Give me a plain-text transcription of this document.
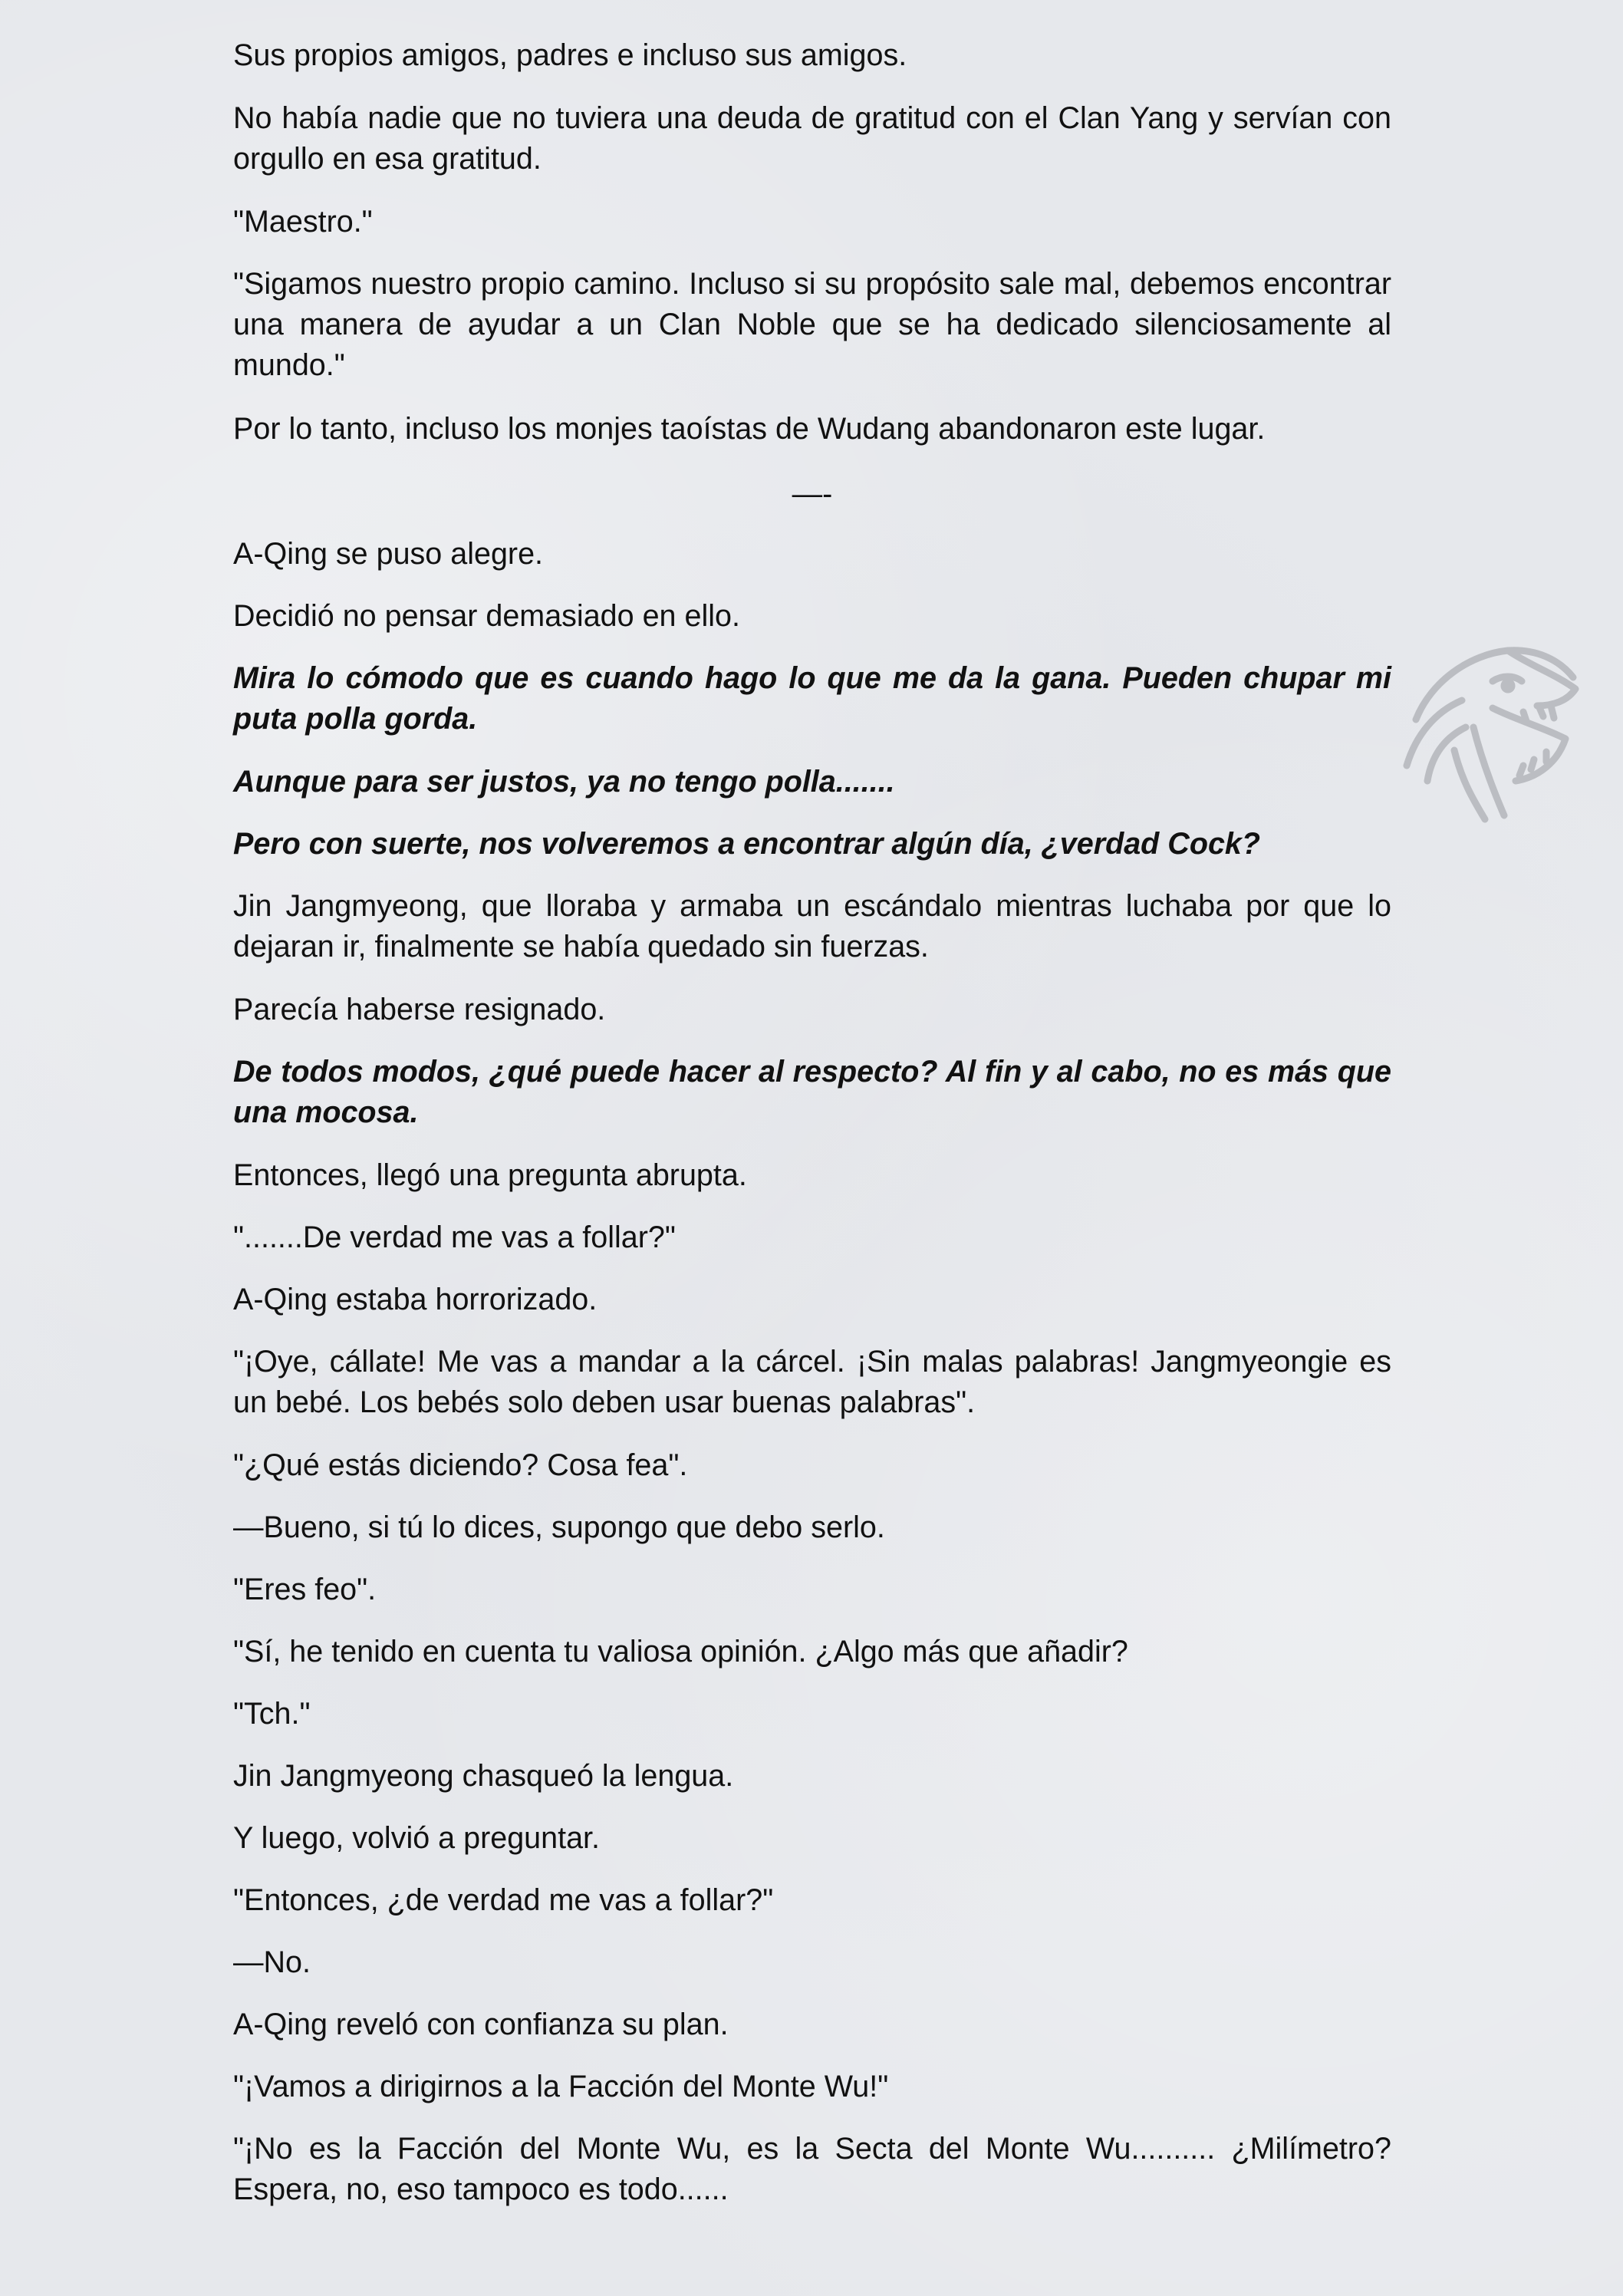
Sus propios amigos, padres e incluso sus amigos.

No había nadie que no tuviera una deuda de gratitud con el Clan Yang y servían con orgullo en esa gratitud.

"Maestro."

"Sigamos nuestro propio camino. Incluso si su propósito sale mal, debemos encontrar una manera de ayudar a un Clan Noble que se ha dedicado silenciosamente al mundo."

Por lo tanto, incluso los monjes taoístas de Wudang abandonaron este lugar.

—-

A-Qing se puso alegre.

Decidió no pensar demasiado en ello.

Mira lo cómodo que es cuando hago lo que me da la gana. Pueden chupar mi puta polla gorda.

Aunque para ser justos, ya no tengo polla.......

Pero con suerte, nos volveremos a encontrar algún día, ¿verdad Cock?

Jin Jangmyeong, que lloraba y armaba un escándalo mientras luchaba por que lo dejaran ir, finalmente se había quedado sin fuerzas.

Parecía haberse resignado.

De todos modos, ¿qué puede hacer al respecto? Al fin y al cabo, no es más que una mocosa.

Entonces, llegó una pregunta abrupta.

".......De verdad me vas a follar?"

A-Qing estaba horrorizado.

"¡Oye, cállate! Me vas a mandar a la cárcel. ¡Sin malas palabras! Jangmyeongie es un bebé. Los bebés solo deben usar buenas palabras".

"¿Qué estás diciendo? Cosa fea".

—Bueno, si tú lo dices, supongo que debo serlo.

"Eres feo".

"Sí, he tenido en cuenta tu valiosa opinión. ¿Algo más que añadir?

"Tch."

Jin Jangmyeong chasqueó la lengua.

Y luego, volvió a preguntar.

"Entonces, ¿de verdad me vas a follar?"

—No.

A-Qing reveló con confianza su plan.

"¡Vamos a dirigirnos a la Facción del Monte Wu!"

"¡No es la Facción del Monte Wu, es la Secta del Monte Wu.......... ¿Milímetro? Espera, no, eso tampoco es todo......
